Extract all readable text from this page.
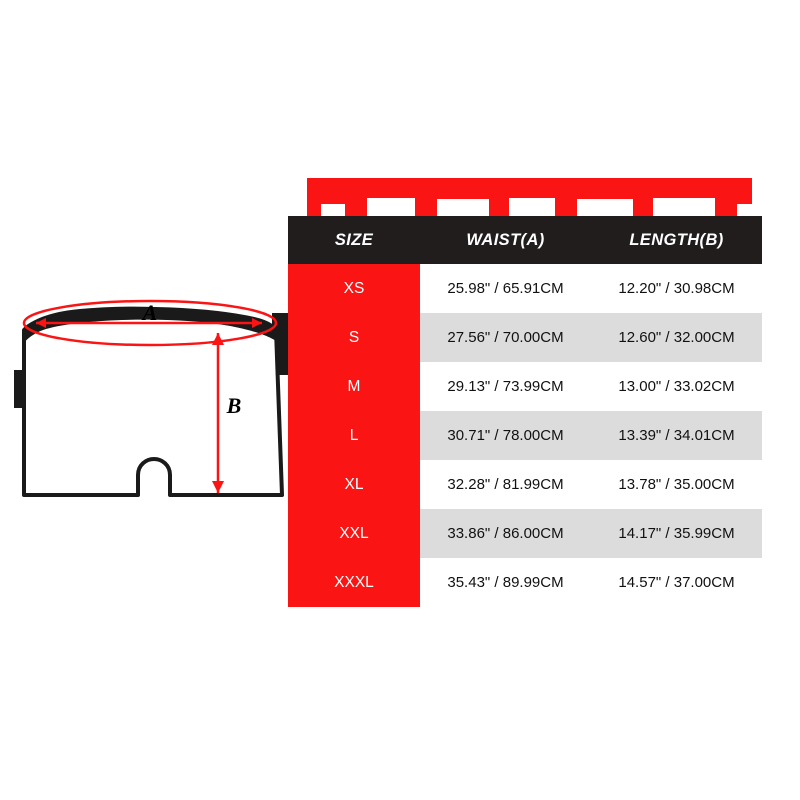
A
B
SIZE	WAIST(A)	LENGTH(B)
XS	25.98" / 65.91CM	12.20" / 30.98CM
S	27.56" / 70.00CM	12.60" / 32.00CM
M	29.13" / 73.99CM	13.00" / 33.02CM
L	30.71" / 78.00CM	13.39" / 34.01CM
XL	32.28" / 81.99CM	13.78" / 35.00CM
XXL	33.86" / 86.00CM	14.17" / 35.99CM
XXXL	35.43" / 89.99CM	14.57" / 37.00CM
